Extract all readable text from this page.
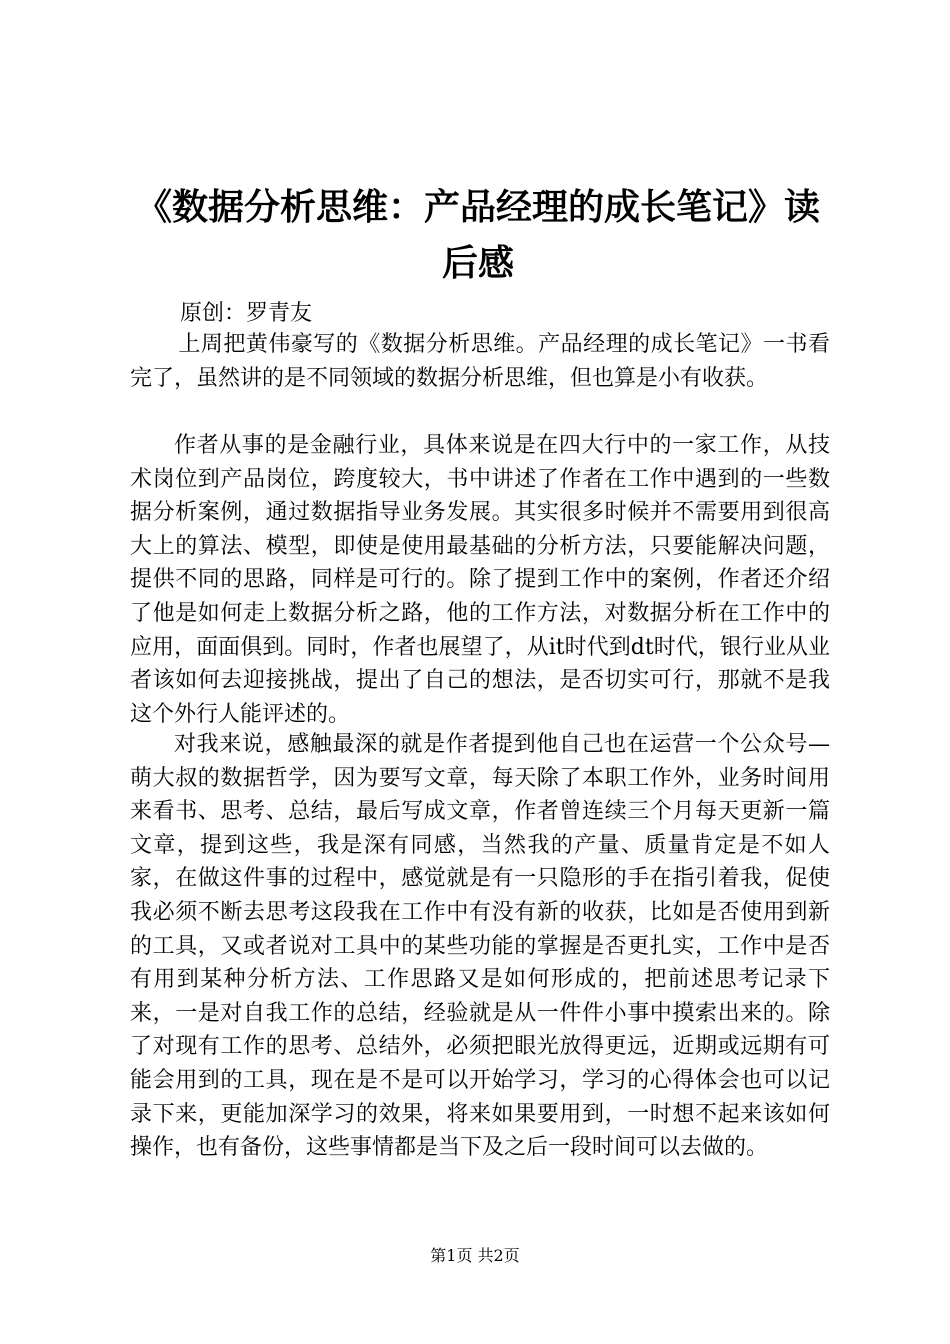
《数据分析思维：产品经理的成长笔记》读后感

原创：罗青友

上周把黄伟豪写的《数据分析思维。产品经理的成长笔记》一书看完了，虽然讲的是不同领域的数据分析思维，但也算是小有收获。

作者从事的是金融行业，具体来说是在四大行中的一家工作，从技术岗位到产品岗位，跨度较大，书中讲述了作者在工作中遇到的一些数据分析案例，通过数据指导业务发展。其实很多时候并不需要用到很高大上的算法、模型，即使是使用最基础的分析方法，只要能解决问题，提供不同的思路，同样是可行的。除了提到工作中的案例，作者还介绍了他是如何走上数据分析之路，他的工作方法，对数据分析在工作中的应用，面面俱到。同时，作者也展望了，从it时代到dt时代，银行业从业者该如何去迎接挑战，提出了自己的想法，是否切实可行，那就不是我这个外行人能评述的。

对我来说，感触最深的就是作者提到他自己也在运营一个公众号—萌大叔的数据哲学，因为要写文章，每天除了本职工作外，业务时间用来看书、思考、总结，最后写成文章，作者曾连续三个月每天更新一篇文章，提到这些，我是深有同感，当然我的产量、质量肯定是不如人家，在做这件事的过程中，感觉就是有一只隐形的手在指引着我，促使我必须不断去思考这段我在工作中有没有新的收获，比如是否使用到新的工具，又或者说对工具中的某些功能的掌握是否更扎实，工作中是否有用到某种分析方法、工作思路又是如何形成的，把前述思考记录下来，一是对自我工作的总结，经验就是从一件件小事中摸索出来的。除了对现有工作的思考、总结外，必须把眼光放得更远，近期或远期有可能会用到的工具，现在是不是可以开始学习，学习的心得体会也可以记录下来，更能加深学习的效果，将来如果要用到，一时想不起来该如何操作，也有备份，这些事情都是当下及之后一段时间可以去做的。

第1页 共2页
